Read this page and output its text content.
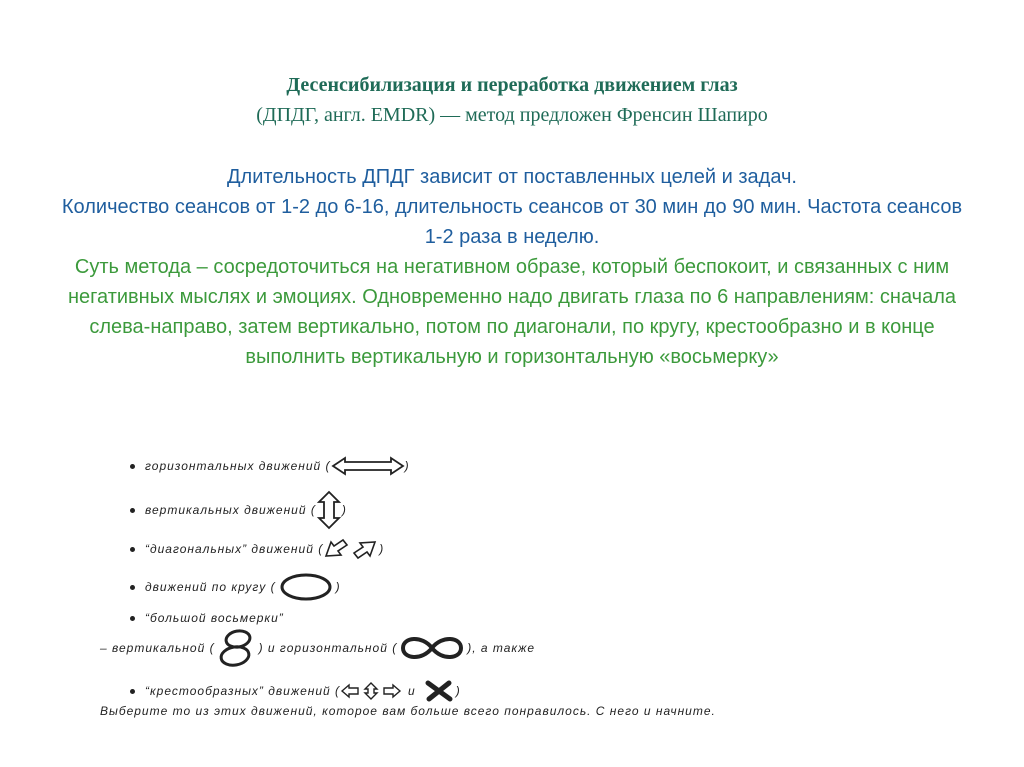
Десенсибилизация и переработка движением глаз
(ДПДГ, англ. EMDR) — метод предложен Френсин Шапиро
Длительность ДПДГ зависит от поставленных целей и задач.
Количество сеансов от 1-2 до 6-16, длительность сеансов от 30 мин до 90 мин. Частота сеансов 1-2 раза в неделю.
Суть метода – сосредоточиться на негативном образе, который беспокоит, и связанных с ним негативных мыслях и эмоциях. Одновременно надо двигать глаза по 6 направлениям: сначала слева-направо, затем вертикально, потом по диагонали, по кругу, крестообразно и в конце выполнить вертикальную и горизонтальную «восьмерку»
горизонтальных движений (	)
вертикальных движений ( )
“диагональных” движений (	)
движений по кругу (	)
“большой восьмерки”
– вертикальной (	) и горизонтальной (	), а также
“крестообразных” движений (	и	)
Выберите то из этих движений, которое вам больше всего понравилось. С него и начните.
